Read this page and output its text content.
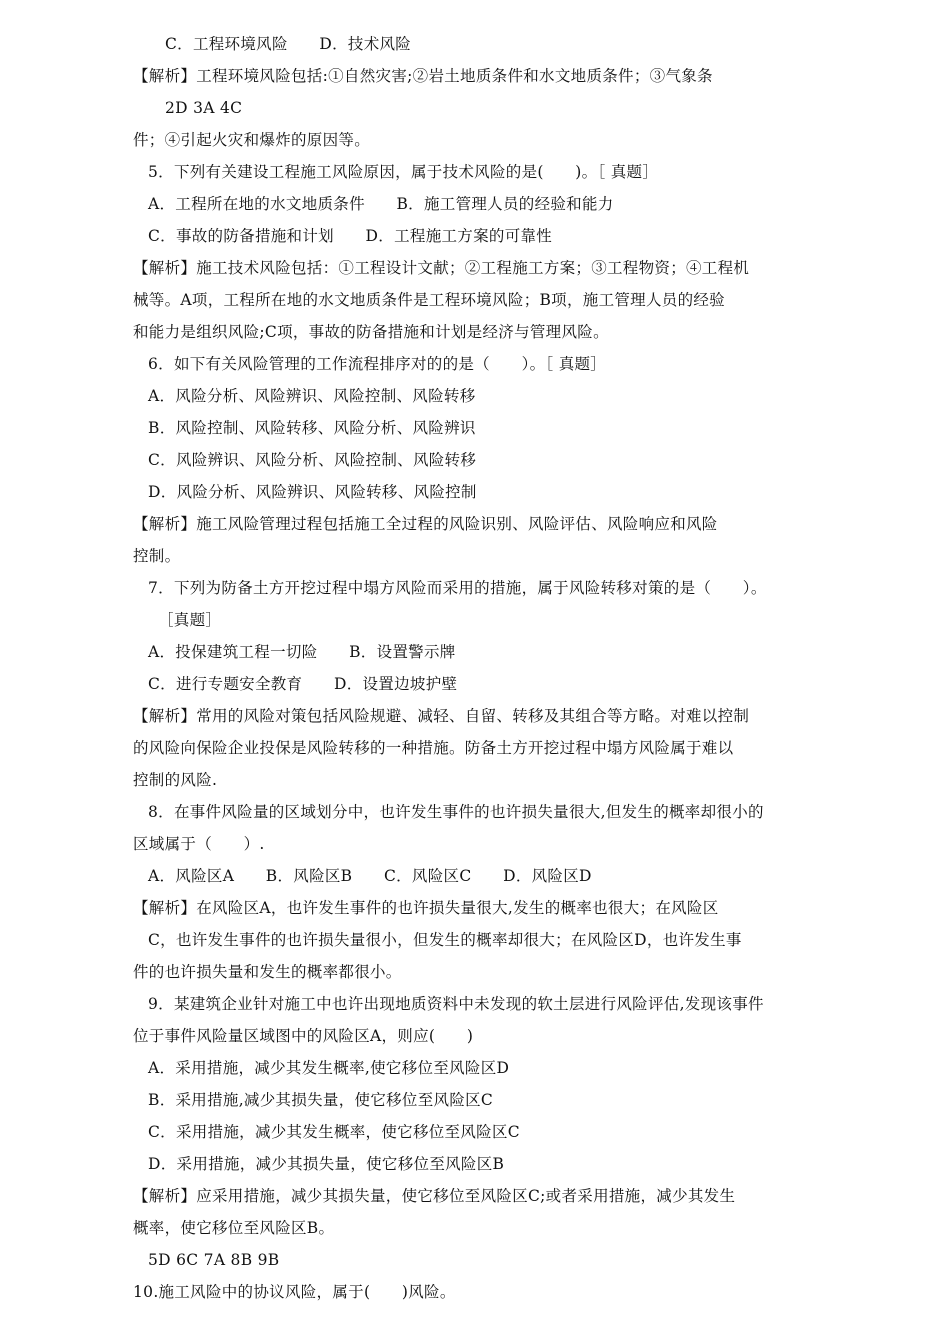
C．工程环境风险　　D．技术风险
【解析】工程环境风险包括:①自然灾害;②岩土地质条件和水文地质条件；③气象条
2D 3A 4C
件；④引起火灾和爆炸的原因等。
5．下列有关建设工程施工风险原因，属于技术风险的是(　　)。［ 真题］
A．工程所在地的水文地质条件　　B．施工管理人员的经验和能力
C．事故的防备措施和计划　　D．工程施工方案的可靠性
【解析】施工技术风险包括：①工程设计文献；②工程施工方案；③工程物资；④工程机
械等。A项，工程所在地的水文地质条件是工程环境风险；B项，施工管理人员的经验
和能力是组织风险;C项，事故的防备措施和计划是经济与管理风险。
6．如下有关风险管理的工作流程排序对的的是（　　）。［ 真题］
A．风险分析、风险辨识、风险控制、风险转移
B．风险控制、风险转移、风险分析、风险辨识
C．风险辨识、风险分析、风险控制、风险转移
D．风险分析、风险辨识、风险转移、风险控制
【解析】施工风险管理过程包括施工全过程的风险识别、风险评估、风险响应和风险
控制。
7．下列为防备土方开挖过程中塌方风险而采用的措施，属于风险转移对策的是（　　）。
［真题］
A．投保建筑工程一切险　　B．设置警示牌
C．进行专题安全教育　　D．设置边坡护壁
【解析】常用的风险对策包括风险规避、减轻、自留、转移及其组合等方略。对难以控制
的风险向保险企业投保是风险转移的一种措施。防备土方开挖过程中塌方风险属于难以
控制的风险.
8．在事件风险量的区域划分中，也许发生事件的也许损失量很大,但发生的概率却很小的
区域属于（　　）.
A．风险区A　　B．风险区B　　C．风险区C　　D．风险区D
【解析】在风险区A，也许发生事件的也许损失量很大,发生的概率也很大；在风险区
C，也许发生事件的也许损失量很小，但发生的概率却很大；在风险区D，也许发生事
件的也许损失量和发生的概率都很小。
9．某建筑企业针对施工中也许出现地质资料中未发现的软土层进行风险评估,发现该事件
位于事件风险量区域图中的风险区A，则应(　　)
A．采用措施，减少其发生概率,使它移位至风险区D
B．采用措施,减少其损失量，使它移位至风险区C
C．采用措施，减少其发生概率，使它移位至风险区C
D．采用措施，减少其损失量，使它移位至风险区B
【解析】应采用措施，减少其损失量，使它移位至风险区C;或者采用措施，减少其发生
概率，使它移位至风险区B。
5D 6C 7A 8B 9B
10.施工风险中的协议风险，属于(　　)风险。
